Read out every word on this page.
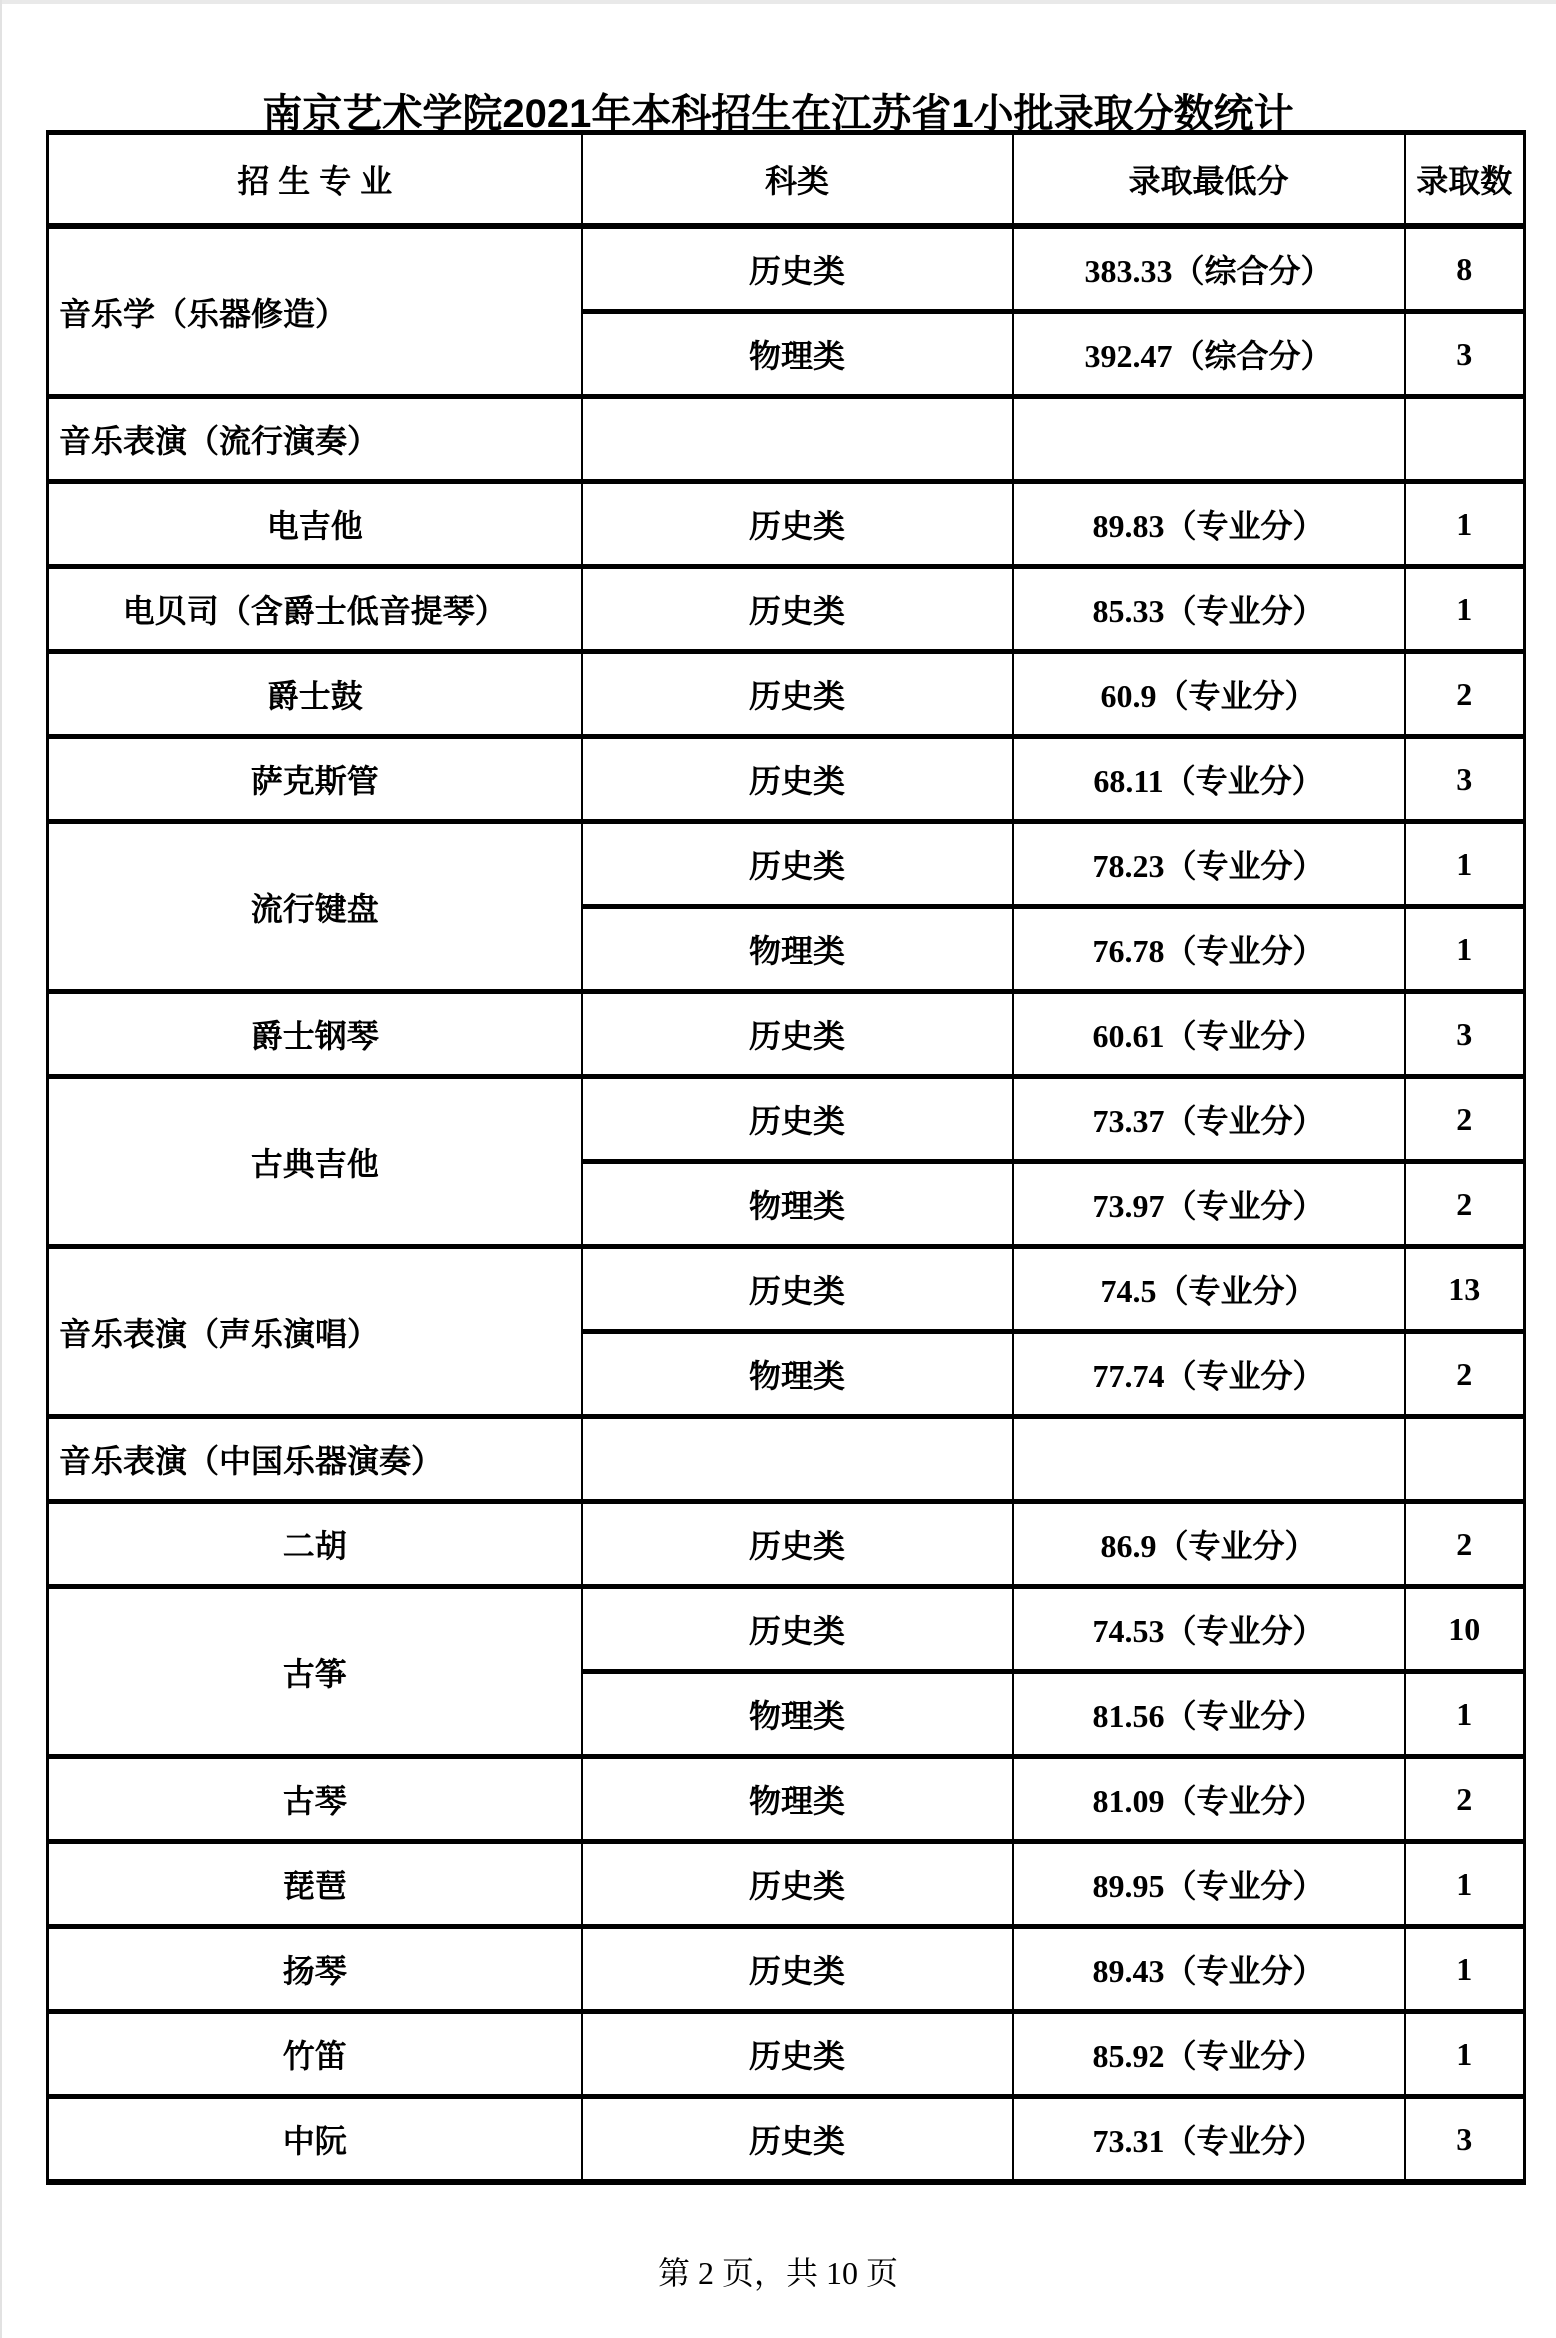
南京艺术学院2021年本科招生在江苏省1小批录取分数统计
招 生 专 业	科类	录取最低分	录取数
音乐学（乐器修造）	历史类	383.33（综合分）	8
	物理类	392.47（综合分）	3
音乐表演（流行演奏）			
电吉他	历史类	89.83（专业分）	1
电贝司（含爵士低音提琴）	历史类	85.33（专业分）	1
爵士鼓	历史类	60.9（专业分）	2
萨克斯管	历史类	68.11（专业分）	3
流行键盘	历史类	78.23（专业分）	1
	物理类	76.78（专业分）	1
爵士钢琴	历史类	60.61（专业分）	3
古典吉他	历史类	73.37（专业分）	2
	物理类	73.97（专业分）	2
音乐表演（声乐演唱）	历史类	74.5（专业分）	13
	物理类	77.74（专业分）	2
音乐表演（中国乐器演奏）			
二胡	历史类	86.9（专业分）	2
古筝	历史类	74.53（专业分）	10
	物理类	81.56（专业分）	1
古琴	物理类	81.09（专业分）	2
琵琶	历史类	89.95（专业分）	1
扬琴	历史类	89.43（专业分）	1
竹笛	历史类	85.92（专业分）	1
中阮	历史类	73.31（专业分）	3
第 2 页，共 10 页
